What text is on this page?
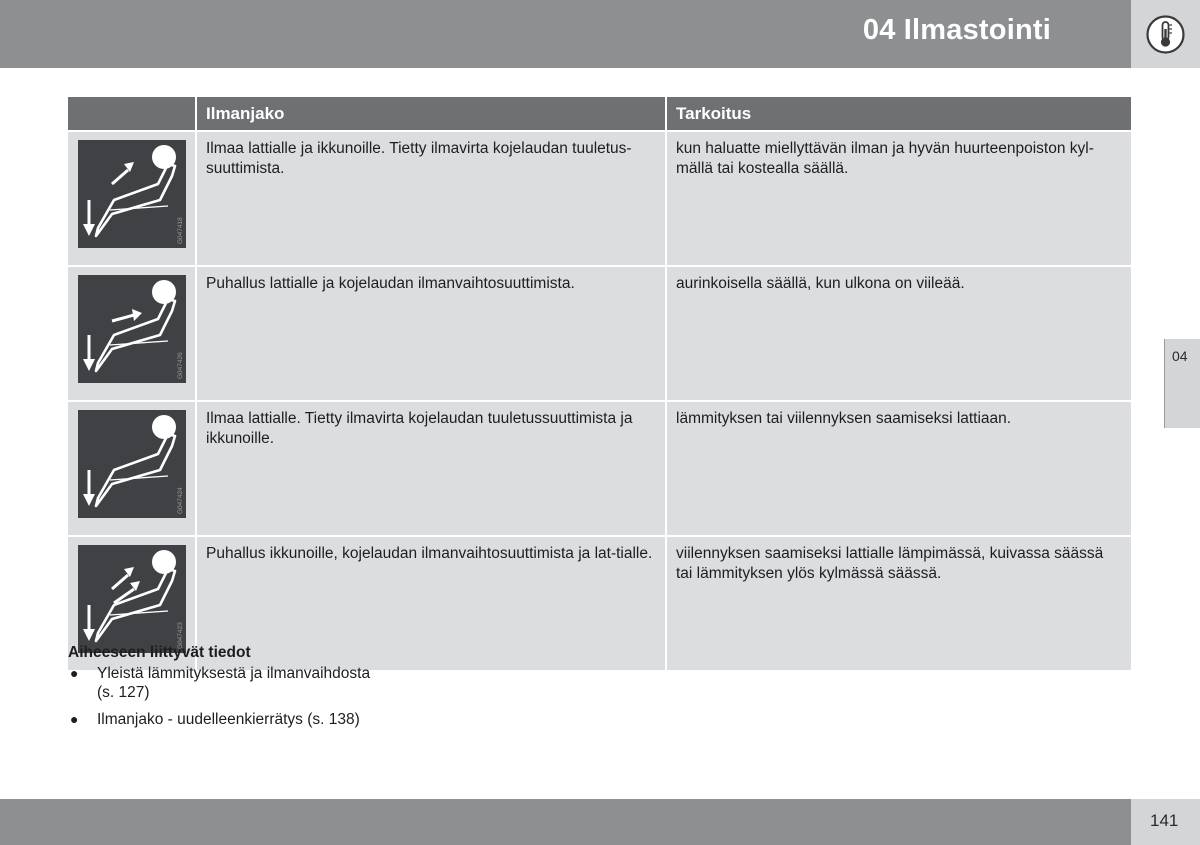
04 Ilmastointi
	Ilmanjako	Tarkoitus

G047418	Ilmaa lattialle ja ikkunoille. Tietty ilmavirta kojelaudan tuuletus-suuttimista.	kun haluatte miellyttävän ilman ja hyvän huurteenpoiston kyl-mällä tai kostealla säällä.

G047426	Puhallus lattialle ja kojelaudan ilmanvaihtosuuttimista.	aurinkoisella säällä, kun ulkona on viileää.

G047424	Ilmaa lattialle. Tietty ilmavirta kojelaudan tuuletussuuttimista ja ikkunoille.	lämmityksen tai viilennyksen saamiseksi lattiaan.

G047423	Puhallus ikkunoille, kojelaudan ilmanvaihtosuuttimista ja lat-tialle.	viilennyksen saamiseksi lattialle lämpimässä, kuivassa säässä tai lämmityksen ylös kylmässä säässä.
04
Aiheeseen liittyvät tiedot
● Yleistä lämmityksestä ja ilmanvaihdosta
(s. 127)
● Ilmanjako - uudelleenkierrätys (s. 138)
141
